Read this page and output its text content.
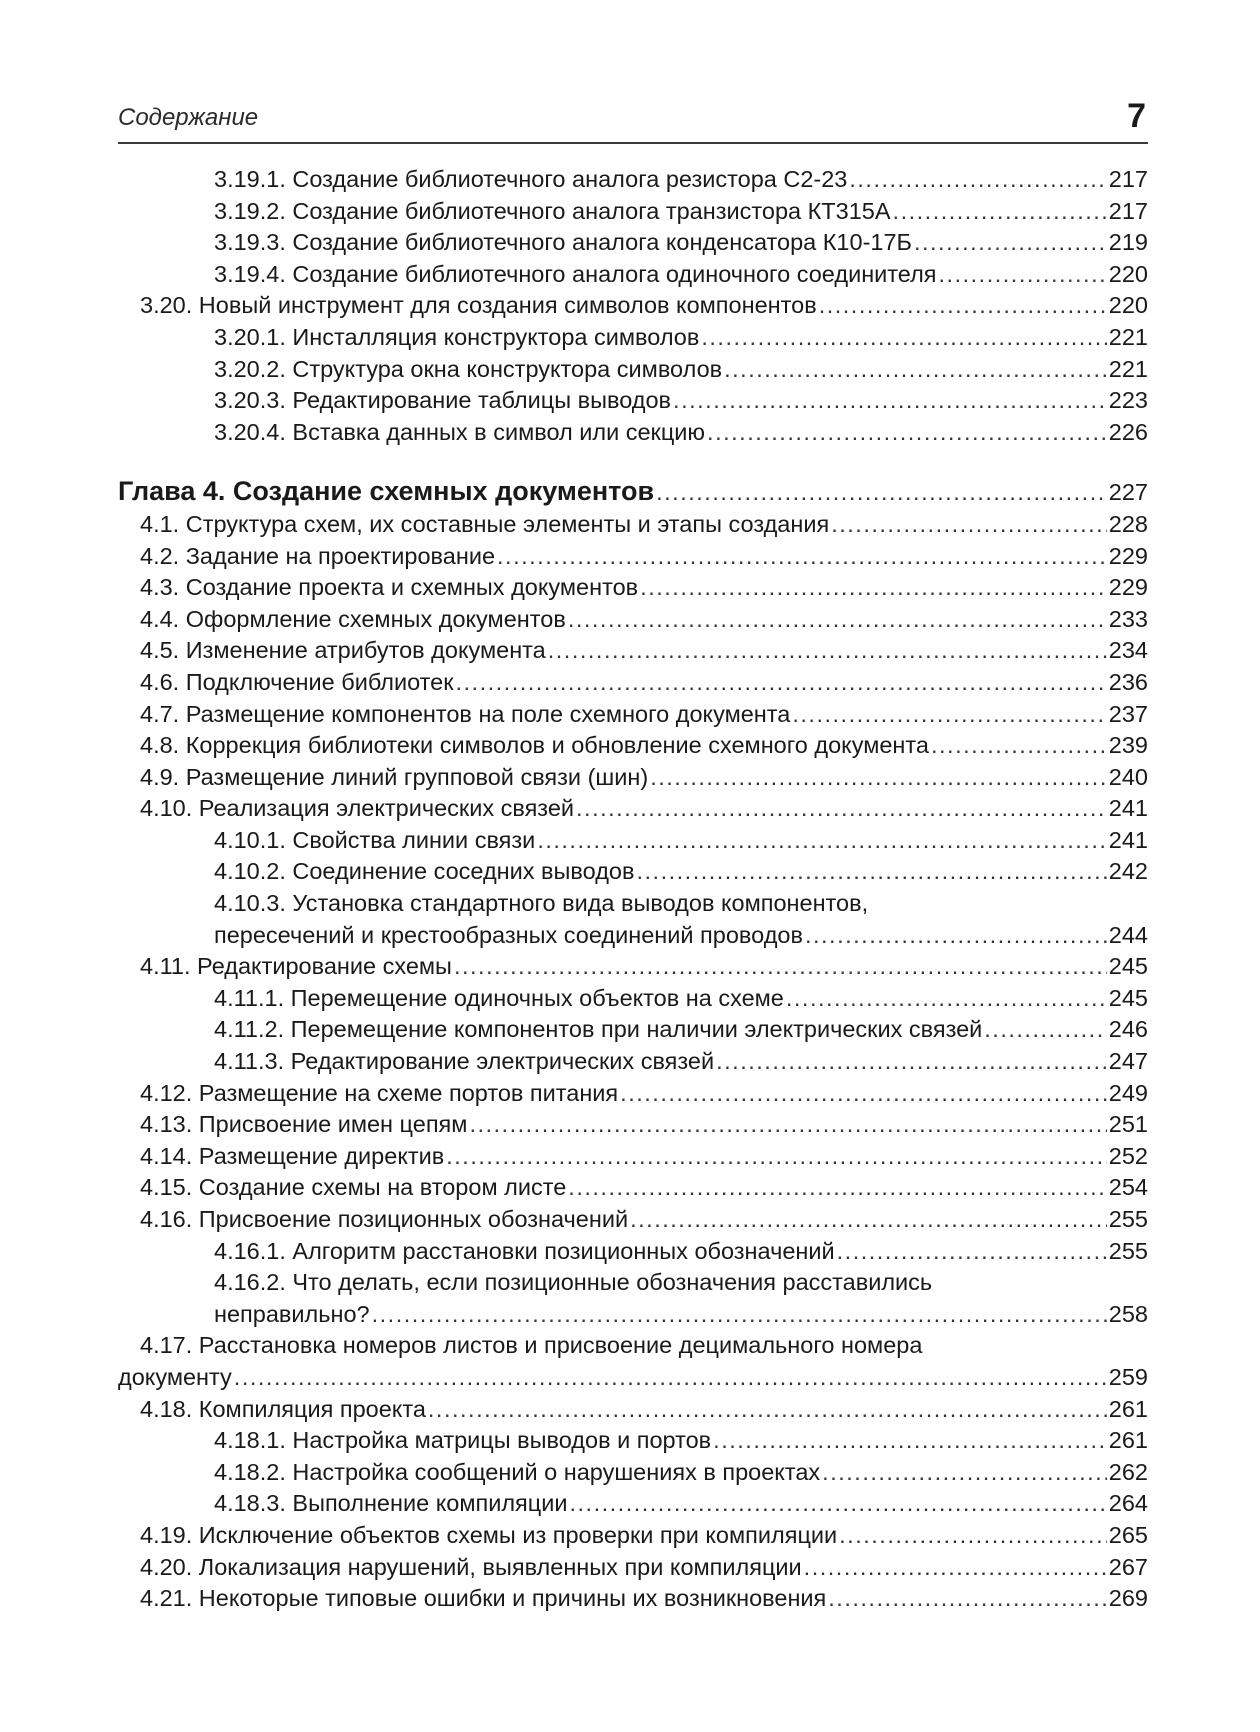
Содержание	7
3.19.1. Создание библиотечного аналога резистора С2-23 .....	217
3.19.2. Создание библиотечного аналога транзистора КТ315А .....	217
3.19.3. Создание библиотечного аналога конденсатора К10-17Б .....	219
3.19.4. Создание библиотечного аналога одиночного соединителя .....	220
3.20. Новый инструмент для создания символов компонентов .....	220
3.20.1. Инсталляция конструктора символов .....	221
3.20.2. Структура окна конструктора символов .....	221
3.20.3. Редактирование таблицы выводов .....	223
3.20.4. Вставка данных в символ или секцию .....	226
Глава 4. Создание схемных документов .....	227
4.1. Структура схем, их составные элементы и этапы создания .....	228
4.2. Задание на проектирование .....	229
4.3. Создание проекта и схемных документов .....	229
4.4. Оформление схемных документов .....	233
4.5. Изменение атрибутов документа .....	234
4.6. Подключение библиотек .....	236
4.7. Размещение компонентов на поле схемного документа .....	237
4.8. Коррекция библиотеки символов и обновление схемного документа .....	239
4.9. Размещение линий групповой связи (шин) .....	240
4.10. Реализация электрических связей .....	241
4.10.1. Свойства линии связи .....	241
4.10.2. Соединение соседних выводов .....	242
4.10.3. Установка стандартного вида выводов компонентов,
пересечений и крестообразных соединений проводов .....	244
4.11. Редактирование схемы .....	245
4.11.1. Перемещение одиночных объектов на схеме .....	245
4.11.2. Перемещение компонентов при наличии электрических связей .....	246
4.11.3. Редактирование электрических связей .....	247
4.12. Размещение на схеме портов питания .....	249
4.13. Присвоение имен цепям .....	251
4.14. Размещение директив .....	252
4.15. Создание схемы на втором листе .....	254
4.16. Присвоение позиционных обозначений .....	255
4.16.1. Алгоритм расстановки позиционных обозначений .....	255
4.16.2. Что делать, если позиционные обозначения расставились
неправильно? .....	258
4.17. Расстановка номеров листов и присвоение децимального номера
документу .....	259
4.18. Компиляция проекта .....	261
4.18.1. Настройка матрицы выводов и портов .....	261
4.18.2. Настройка сообщений о нарушениях в проектах .....	262
4.18.3. Выполнение компиляции .....	264
4.19. Исключение объектов схемы из проверки при компиляции .....	265
4.20. Локализация нарушений, выявленных при компиляции .....	267
4.21. Некоторые типовые ошибки и причины их возникновения .....	269
